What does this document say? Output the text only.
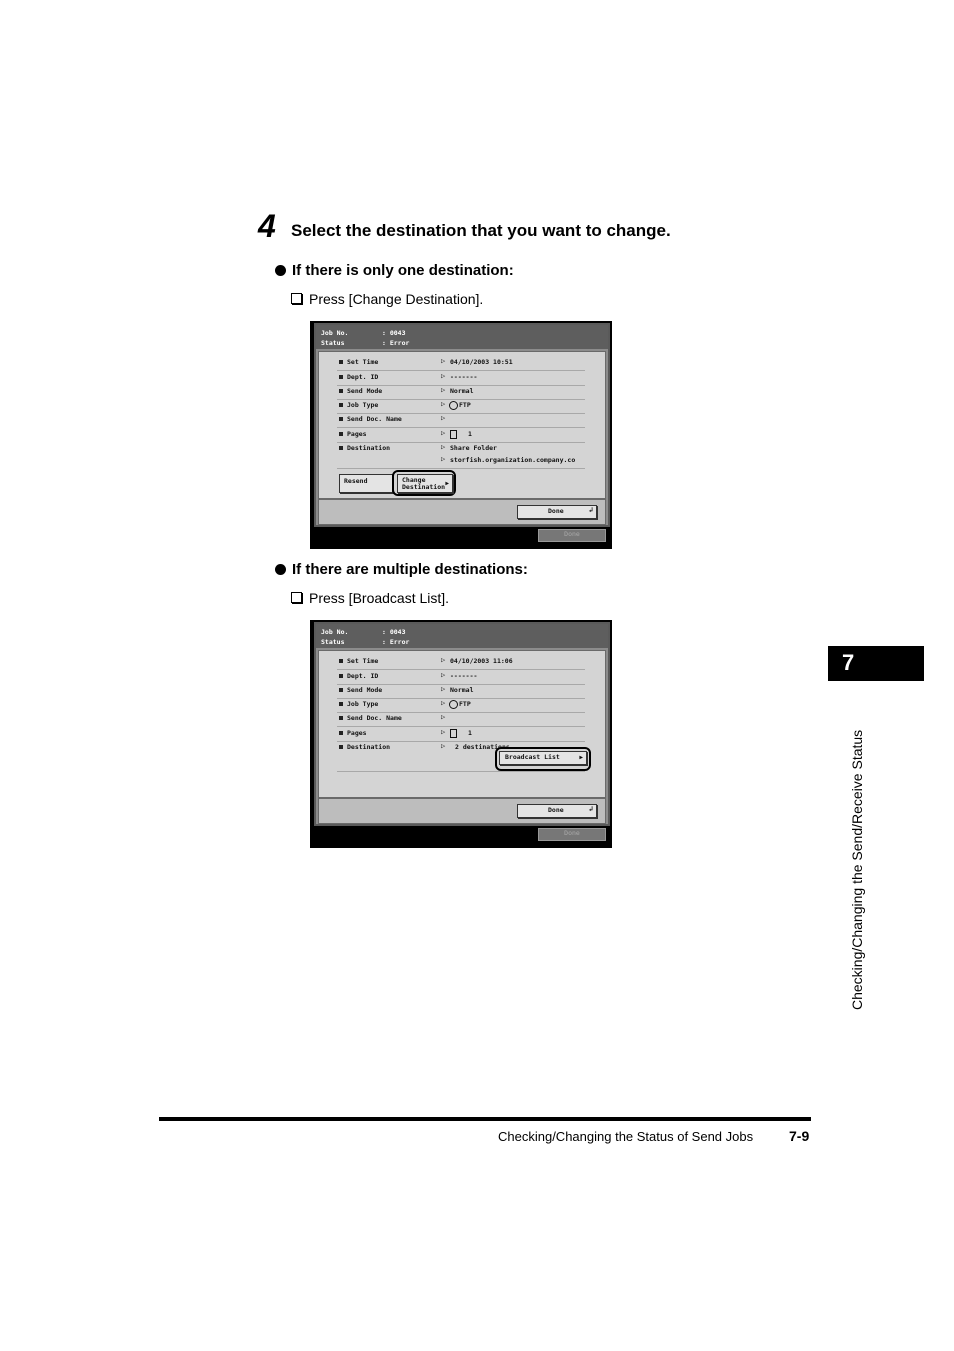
4 Select the destination that you want to change.
If there is only one destination:
Press [Change Destination].
Job No.	: 0043
Status	: Error
Set Time	▷ 04/10/2003 10:51
Dept. ID	▷ -------
Send Mode	▷ Normal
Job Type	▷ FTP
Send Doc. Name	▷
Pages	▷	1
Destination	▷ Share Folder
▷ storfish.organization.company.co
Resend	Change
Destination ▶
Done	↲
Done
If there are multiple destinations:
Press [Broadcast List].
Job No.	: 0043
Status	: Error
Set Time	▷ 04/10/2003 11:06
Dept. ID	▷ -------
Send Mode	▷ Normal
Job Type	▷ FTP
Send Doc. Name	▷
Pages	▷	1
Destination	▷ 2 destinations
Broadcast List	▶
Done	↲
Done
7
Checking/Changing the Send/Receive Status
Checking/Changing the Status of Send Jobs	7-9
